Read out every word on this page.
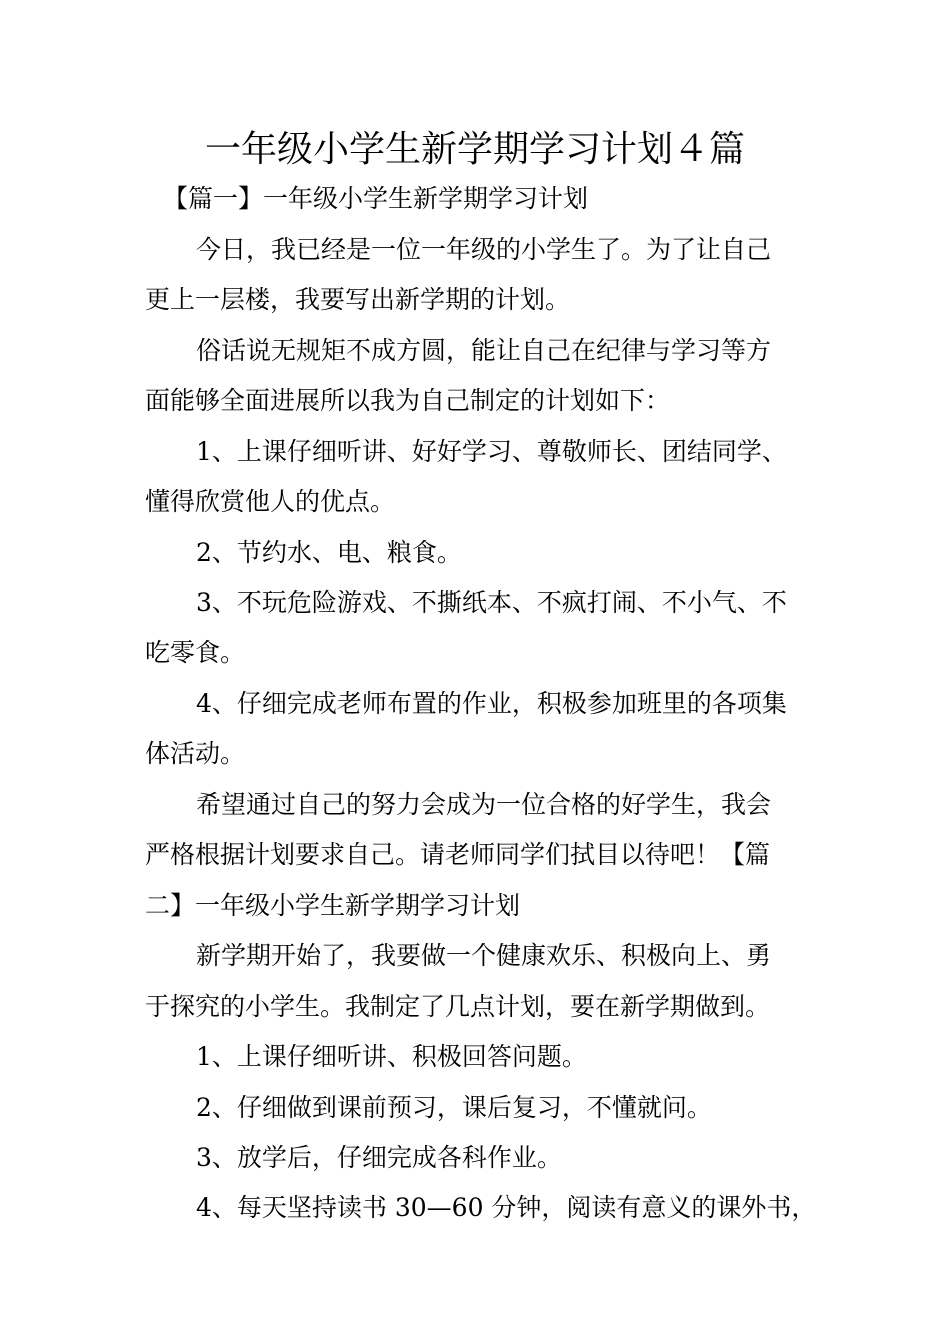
一年级小学生新学期学习计划４篇

【篇一】一年级小学生新学期学习计划

今日，我已经是一位一年级的小学生了。为了让自己

更上一层楼，我要写出新学期的计划。

俗话说无规矩不成方圆，能让自己在纪律与学习等方

面能够全面进展所以我为自己制定的计划如下：

1、上课仔细听讲、好好学习、尊敬师长、团结同学、

懂得欣赏他人的优点。

2、节约水、电、粮食。

3、不玩危险游戏、不撕纸本、不疯打闹、不小气、不

吃零食。

4、仔细完成老师布置的作业，积极参加班里的各项集

体活动。

希望通过自己的努力会成为一位合格的好学生，我会

严格根据计划要求自己。请老师同学们拭目以待吧！【篇

二】一年级小学生新学期学习计划

新学期开始了，我要做一个健康欢乐、积极向上、勇

于探究的小学生。我制定了几点计划，要在新学期做到。

1、上课仔细听讲、积极回答问题。

2、仔细做到课前预习，课后复习，不懂就问。

3、放学后，仔细完成各科作业。

4、每天坚持读书 30—60 分钟，阅读有意义的课外书，
